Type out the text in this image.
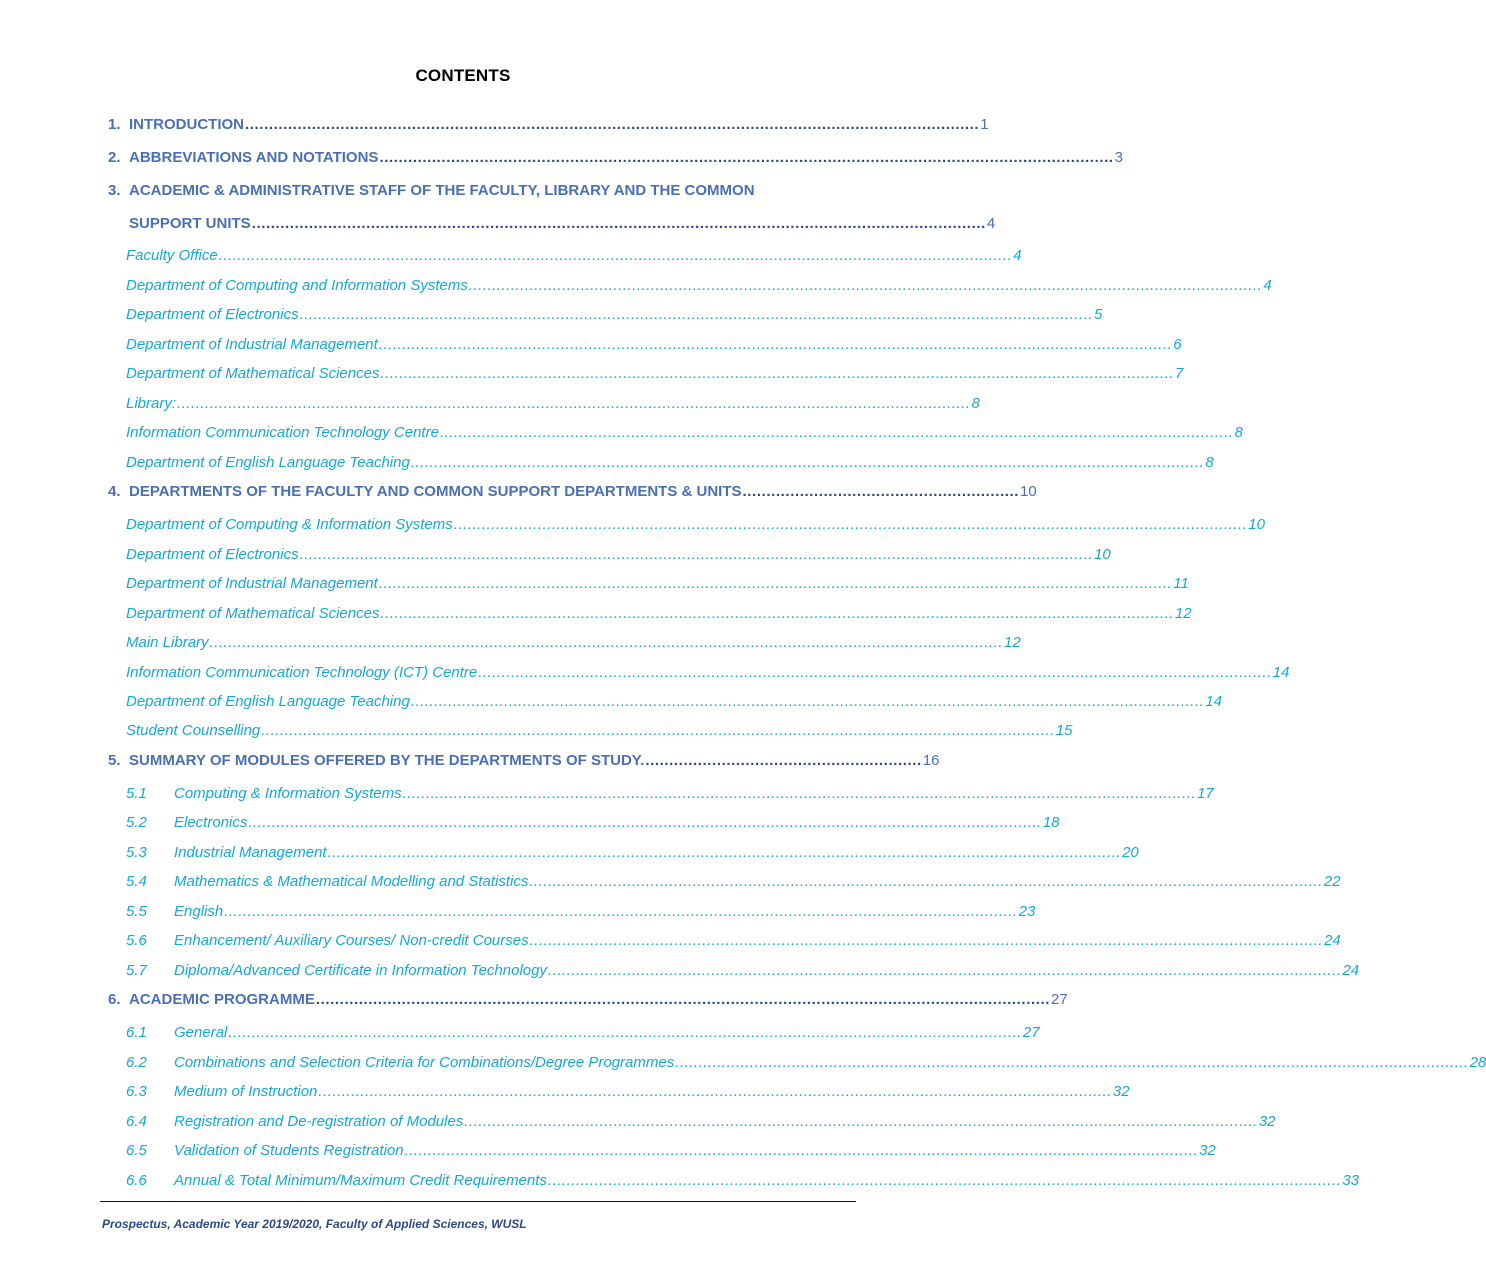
CONTENTS
1. INTRODUCTION .......................................................................................................................................................... 1
2. ABBREVIATIONS AND NOTATIONS .......................................................................................................................................................... 3
3. ACADEMIC & ADMINISTRATIVE STAFF OF THE FACULTY, LIBRARY AND THE COMMON
SUPPORT UNITS .......................................................................................................................................................... 4
Faculty Office .......................................................................................................................................................................... 4
Department of Computing and Information Systems .......................................................................................................................................................................... 4
Department of Electronics .......................................................................................................................................................................... 5
Department of Industrial Management .......................................................................................................................................................................... 6
Department of Mathematical Sciences .......................................................................................................................................................................... 7
Library: .......................................................................................................................................................................... 8
Information Communication Technology Centre .......................................................................................................................................................................... 8
Department of English Language Teaching .......................................................................................................................................................................... 8
4. DEPARTMENTS OF THE FACULTY AND COMMON SUPPORT DEPARTMENTS & UNITS .......................................................... 10
Department of Computing & Information Systems .......................................................................................................................................................................... 10
Department of Electronics .......................................................................................................................................................................... 10
Department of Industrial Management .......................................................................................................................................................................... 11
Department of Mathematical Sciences .......................................................................................................................................................................... 12
Main Library .......................................................................................................................................................................... 12
Information Communication Technology (ICT) Centre .......................................................................................................................................................................... 14
Department of English Language Teaching .......................................................................................................................................................................... 14
Student Counselling .......................................................................................................................................................................... 15
5. SUMMARY OF MODULES OFFERED BY THE DEPARTMENTS OF STUDY. .......................................................... 16
5.1 Computing & Information Systems .......................................................................................................................................................................... 17
5.2 Electronics .......................................................................................................................................................................... 18
5.3 Industrial Management .......................................................................................................................................................................... 20
5.4 Mathematics & Mathematical Modelling and Statistics .......................................................................................................................................................................... 22
5.5 English .......................................................................................................................................................................... 23
5.6 Enhancement/ Auxiliary Courses/ Non-credit Courses .......................................................................................................................................................................... 24
5.7 Diploma/Advanced Certificate in Information Technology .......................................................................................................................................................................... 24
6. ACADEMIC PROGRAMME .......................................................................................................................................................... 27
6.1 General .......................................................................................................................................................................... 27
6.2 Combinations and Selection Criteria for Combinations/Degree Programmes .......................................................................................................................................................................... 28
6.3 Medium of Instruction .......................................................................................................................................................................... 32
6.4 Registration and De-registration of Modules .......................................................................................................................................................................... 32
6.5 Validation of Students Registration .......................................................................................................................................................................... 32
6.6 Annual & Total Minimum/Maximum Credit Requirements .......................................................................................................................................................................... 33
Prospectus, Academic Year 2019/2020, Faculty of Applied Sciences, WUSL
